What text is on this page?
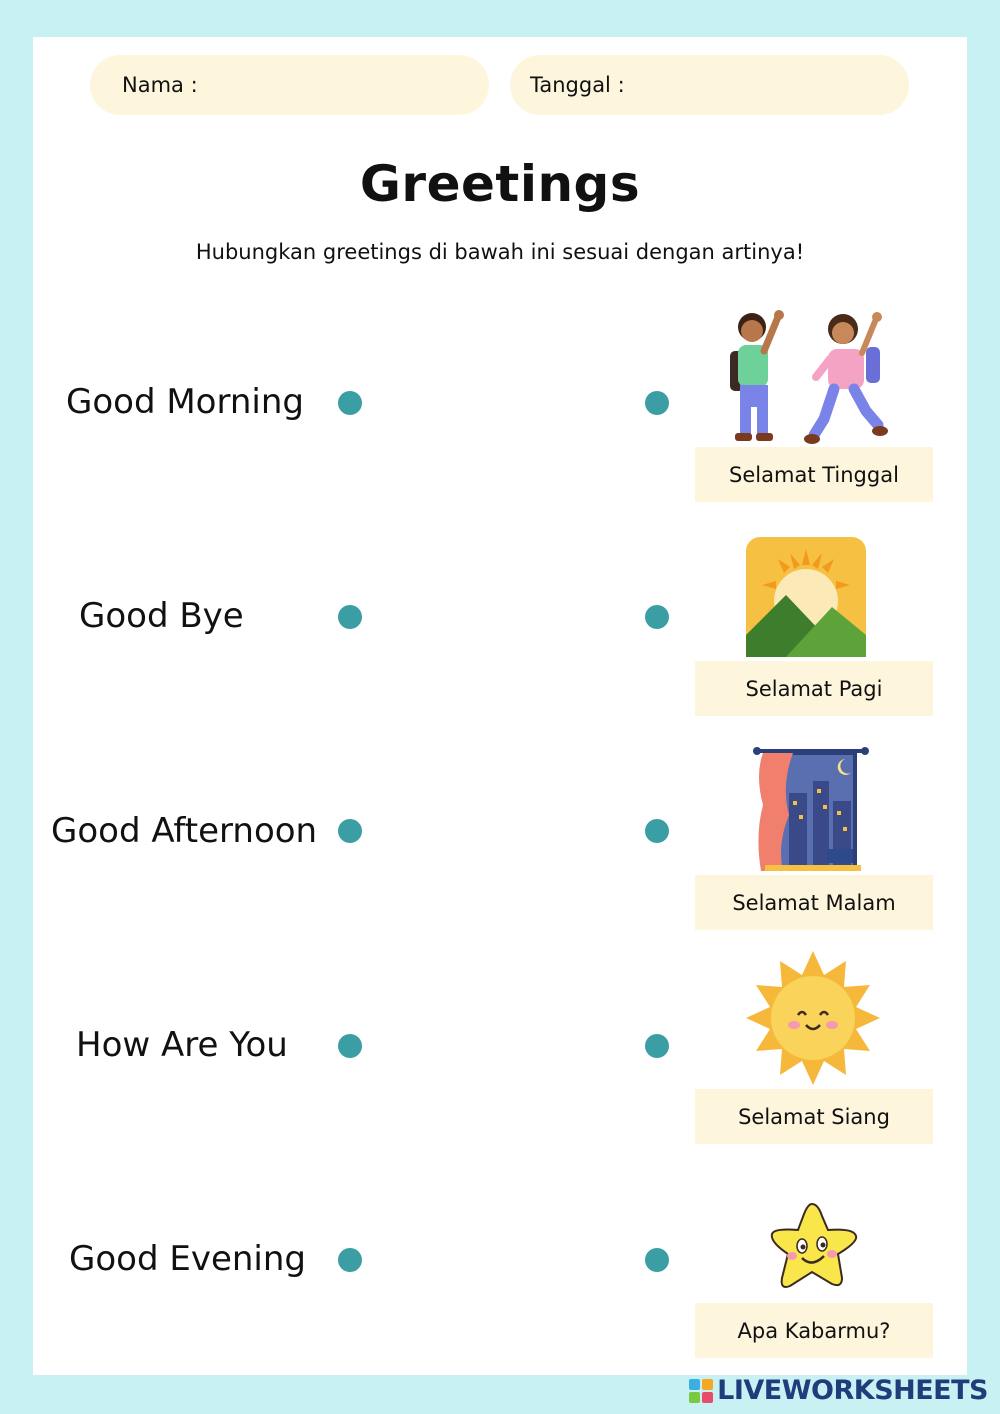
Nama :	Tanggal :
Greetings
Hubungkan greetings di bawah ini sesuai dengan artinya!
Good Morning
Good Bye
Good Afternoon
How Are You
Good Evening
Selamat Tinggal
Selamat Pagi
Selamat Malam
Selamat Siang
Apa Kabarmu?
LIVEWORKSHEETS
